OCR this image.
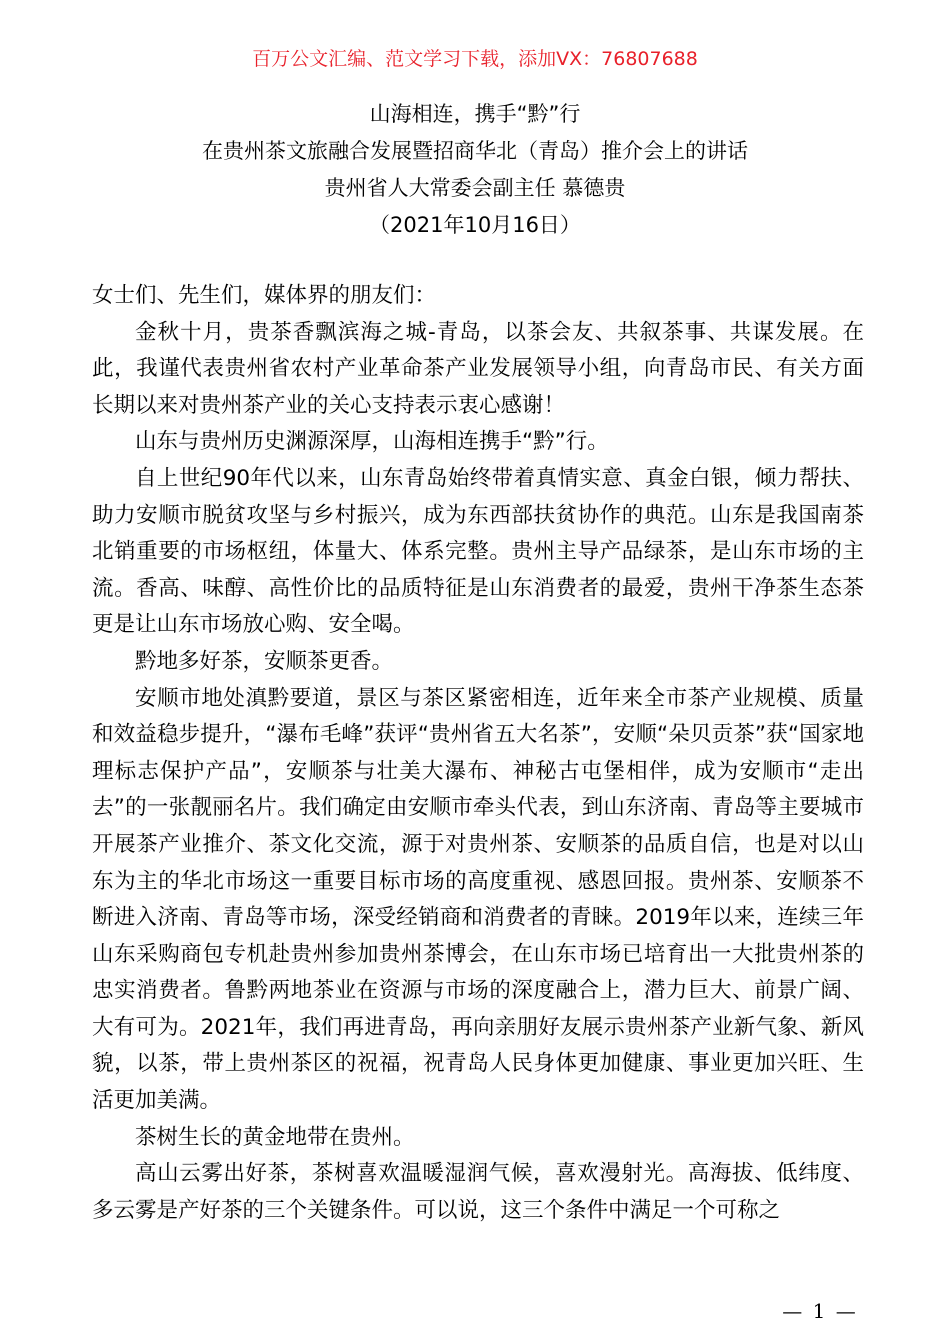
百万公文汇编、范文学习下载，添加VX：76807688
山海相连，携手“黔”行
在贵州茶文旅融合发展暨招商华北（青岛）推介会上的讲话
贵州省人大常委会副主任 慕德贵
（2021年10月16日）

女士们、先生们，媒体界的朋友们：

金秋十月，贵茶香飘滨海之城-青岛，以茶会友、共叙茶事、共谋发展。在此，我谨代表贵州省农村产业革命茶产业发展领导小组，向青岛市民、有关方面长期以来对贵州茶产业的关心支持表示衷心感谢！

山东与贵州历史渊源深厚，山海相连携手“黔”行。

自上世纪90年代以来，山东青岛始终带着真情实意、真金白银，倾力帮扶、助力安顺市脱贫攻坚与乡村振兴，成为东西部扶贫协作的典范。山东是我国南茶北销重要的市场枢纽，体量大、体系完整。贵州主导产品绿茶，是山东市场的主流。香高、味醇、高性价比的品质特征是山东消费者的最爱，贵州干净茶生态茶更是让山东市场放心购、安全喝。

黔地多好茶，安顺茶更香。

安顺市地处滇黔要道，景区与茶区紧密相连，近年来全市茶产业规模、质量和效益稳步提升，“瀑布毛峰”获评“贵州省五大名茶”，安顺“朵贝贡茶”获“国家地理标志保护产品”，安顺茶与壮美大瀑布、神秘古屯堡相伴，成为安顺市“走出去”的一张靓丽名片。我们确定由安顺市牵头代表，到山东济南、青岛等主要城市开展茶产业推介、茶文化交流，源于对贵州茶、安顺茶的品质自信，也是对以山东为主的华北市场这一重要目标市场的高度重视、感恩回报。贵州茶、安顺茶不断进入济南、青岛等市场，深受经销商和消费者的青睐。2019年以来，连续三年山东采购商包专机赴贵州参加贵州茶博会，在山东市场已培育出一大批贵州茶的忠实消费者。鲁黔两地茶业在资源与市场的深度融合上，潜力巨大、前景广阔、大有可为。2021年，我们再进青岛，再向亲朋好友展示贵州茶产业新气象、新风貌，以茶，带上贵州茶区的祝福，祝青岛人民身体更加健康、事业更加兴旺、生活更加美满。

茶树生长的黄金地带在贵州。

高山云雾出好茶，茶树喜欢温暖湿润气候，喜欢漫射光。高海拔、低纬度、多云雾是产好茶的三个关键条件。可以说，这三个条件中满足一个可称之

— 1 —
